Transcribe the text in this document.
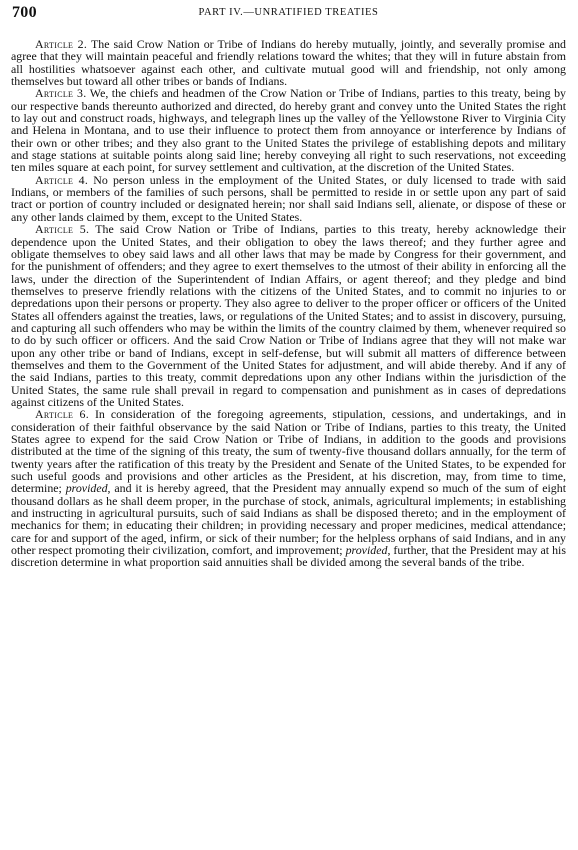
700	PART IV.—UNRATIFIED TREATIES

Article 2. The said Crow Nation or Tribe of Indians do hereby mutually, jointly, and severally promise and agree that they will maintain peaceful and friendly relations toward the whites; that they will in future abstain from all hostilities whatsoever against each other, and cultivate mutual good will and friendship, not only among themselves but toward all other tribes or bands of Indians.

Article 3. We, the chiefs and headmen of the Crow Nation or Tribe of Indians, parties to this treaty, being by our respective bands thereunto authorized and directed, do hereby grant and convey unto the United States the right to lay out and construct roads, highways, and telegraph lines up the valley of the Yellowstone River to Virginia City and Helena in Montana, and to use their influence to protect them from annoyance or interference by Indians of their own or other tribes; and they also grant to the United States the privilege of establishing depots and military and stage stations at suitable points along said line; hereby conveying all right to such reservations, not exceeding ten miles square at each point, for survey settlement and cultivation, at the discretion of the United States.

Article 4. No person unless in the employment of the United States, or duly licensed to trade with said Indians, or members of the families of such persons, shall be permitted to reside in or settle upon any part of said tract or portion of country included or designated herein; nor shall said Indians sell, alienate, or dispose of these or any other lands claimed by them, except to the United States.

Article 5. The said Crow Nation or Tribe of Indians, parties to this treaty, hereby acknowledge their dependence upon the United States, and their obligation to obey the laws thereof; and they further agree and obligate themselves to obey said laws and all other laws that may be made by Congress for their government, and for the punishment of offenders; and they agree to exert themselves to the utmost of their ability in enforcing all the laws, under the direction of the Superintendent of Indian Affairs, or agent thereof; and they pledge and bind themselves to preserve friendly relations with the citizens of the United States, and to commit no injuries to or depredations upon their persons or property. They also agree to deliver to the proper officer or officers of the United States all offenders against the treaties, laws, or regulations of the United States; and to assist in discovery, pursuing, and capturing all such offenders who may be within the limits of the country claimed by them, whenever required so to do by such officer or officers. And the said Crow Nation or Tribe of Indians agree that they will not make war upon any other tribe or band of Indians, except in self-defense, but will submit all matters of difference between themselves and them to the Government of the United States for adjustment, and will abide thereby. And if any of the said Indians, parties to this treaty, commit depredations upon any other Indians within the jurisdiction of the United States, the same rule shall prevail in regard to compensation and punishment as in cases of depredations against citizens of the United States.

Article 6. In consideration of the foregoing agreements, stipulation, cessions, and undertakings, and in consideration of their faithful observance by the said Nation or Tribe of Indians, parties to this treaty, the United States agree to expend for the said Crow Nation or Tribe of Indians, in addition to the goods and provisions distributed at the time of the signing of this treaty, the sum of twenty-five thousand dollars annually, for the term of twenty years after the ratification of this treaty by the President and Senate of the United States, to be expended for such useful goods and provisions and other articles as the President, at his discretion, may, from time to time, determine; provided, and it is hereby agreed, that the President may annually expend so much of the sum of eight thousand dollars as he shall deem proper, in the purchase of stock, animals, agricultural implements; in establishing and instructing in agricultural pursuits, such of said Indians as shall be disposed thereto; and in the employment of mechanics for them; in educating their children; in providing necessary and proper medicines, medical attendance; care for and support of the aged, infirm, or sick of their number; for the helpless orphans of said Indians, and in any other respect promoting their civilization, comfort, and improvement; provided, further, that the President may at his discretion determine in what proportion said annuities shall be divided among the several bands of the tribe.
